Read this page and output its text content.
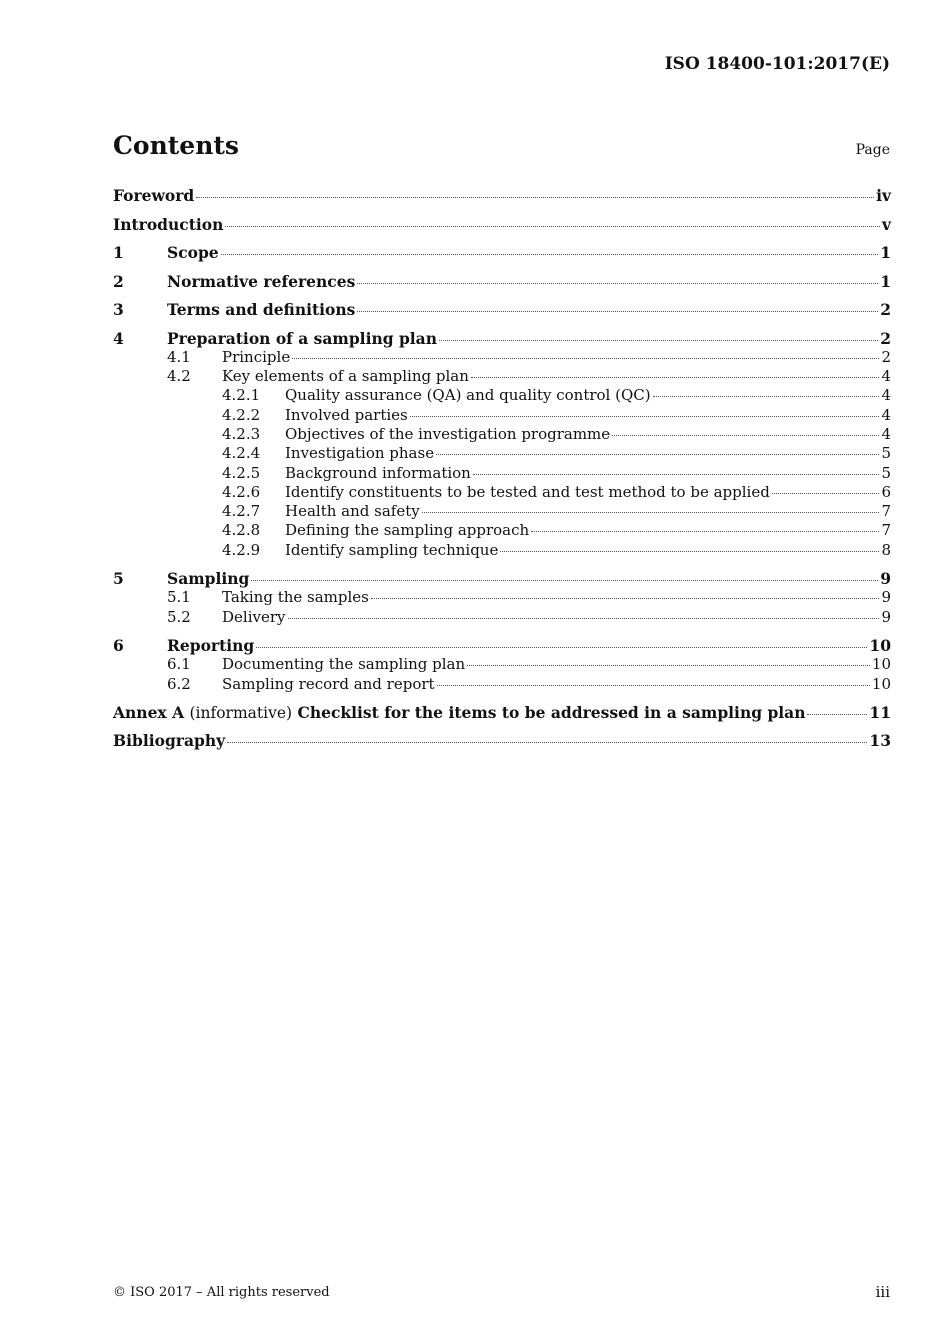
ISO 18400-101:2017(E)
Contents	Page
Foreword	iv
Introduction	v
1	Scope	1
2	Normative references	1
3	Terms and definitions	2
4	Preparation of a sampling plan	2
4.1	Principle	2
4.2	Key elements of a sampling plan	4
4.2.1	Quality assurance (QA) and quality control (QC)	4
4.2.2	Involved parties	4
4.2.3	Objectives of the investigation programme	4
4.2.4	Investigation phase	5
4.2.5	Background information	5
4.2.6	Identify constituents to be tested and test method to be applied	6
4.2.7	Health and safety	7
4.2.8	Defining the sampling approach	7
4.2.9	Identify sampling technique	8
5	Sampling	9
5.1	Taking the samples	9
5.2	Delivery	9
6	Reporting	10
6.1	Documenting the sampling plan	10
6.2	Sampling record and report	10
Annex A (informative) Checklist for the items to be addressed in a sampling plan	11
Bibliography	13
© ISO 2017 – All rights reserved	iii
